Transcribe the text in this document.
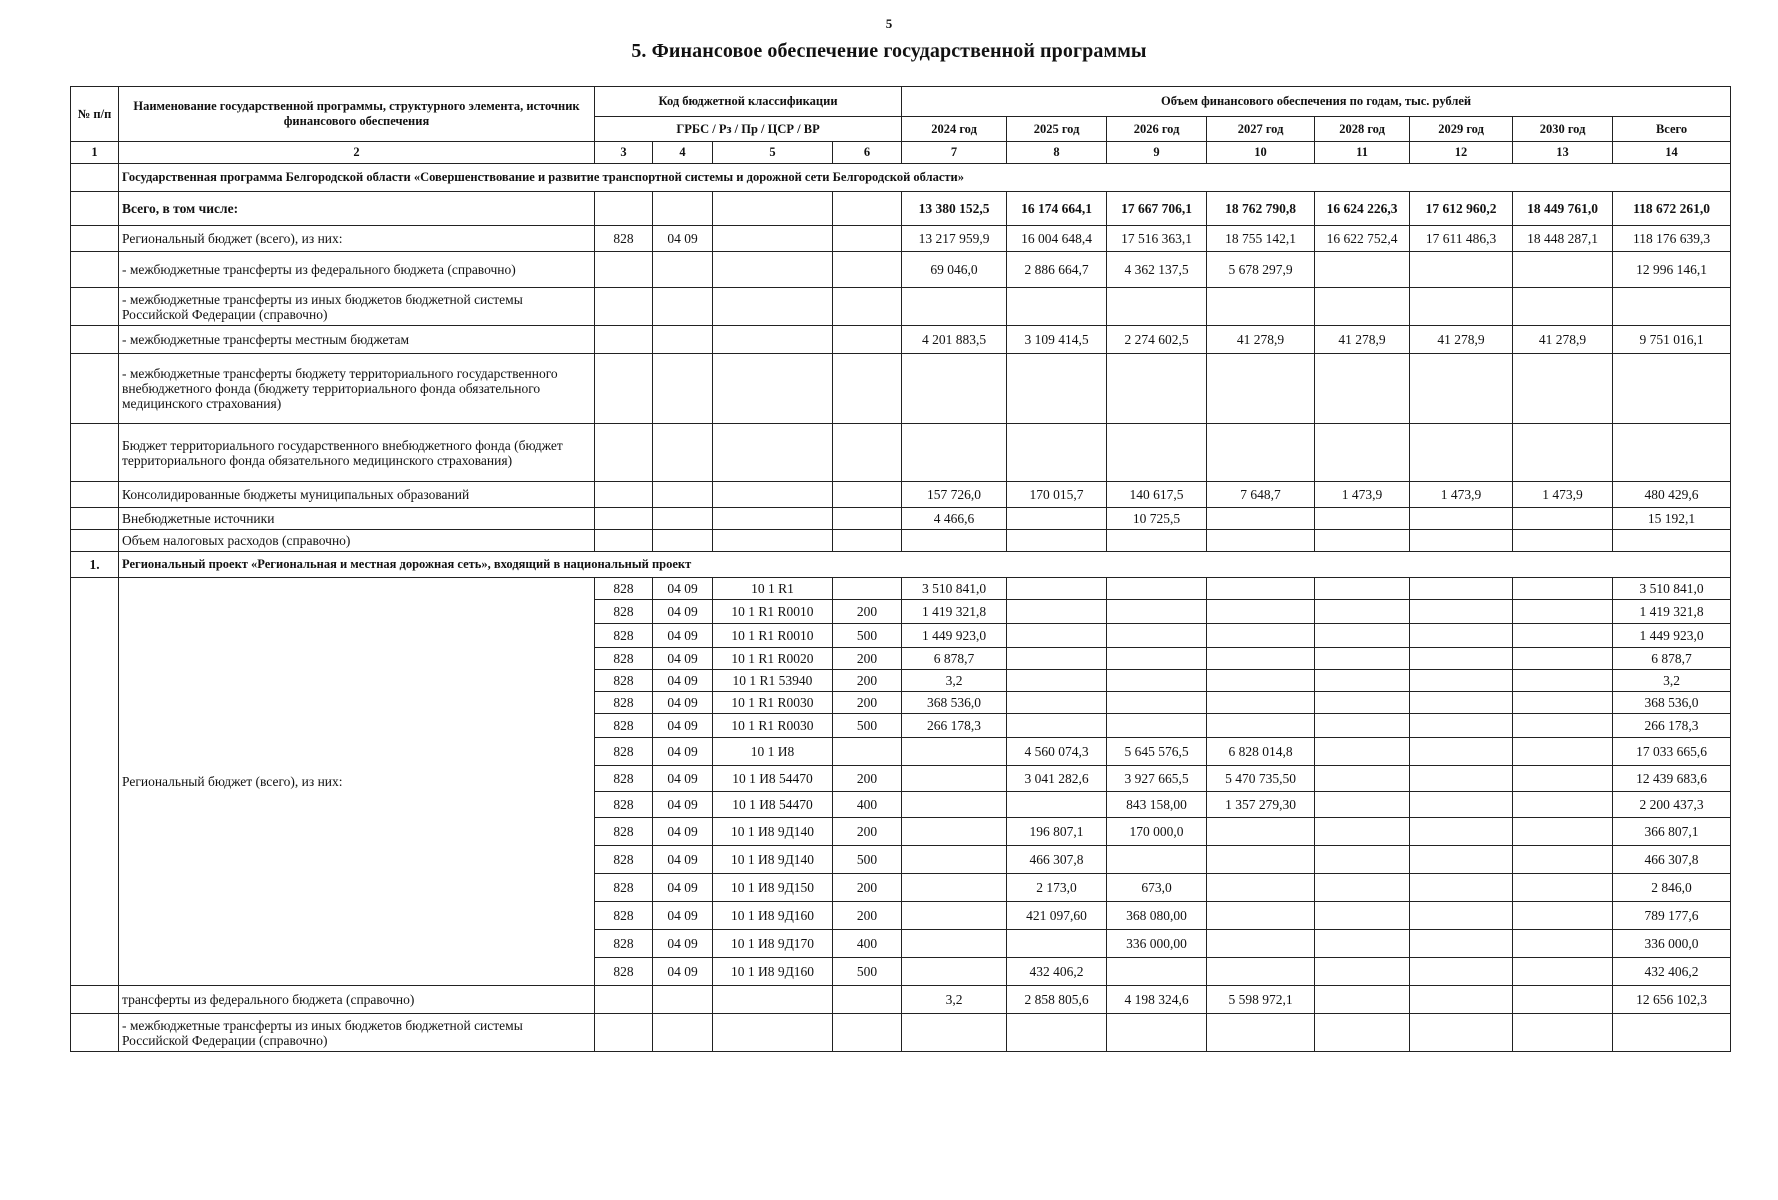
5
5. Финансовое обеспечение государственной программы
№ п/п	Наименование государственной программы, структурного элемента, источник финансового обеспечения	Код бюджетной классификации				Объем финансового обеспечения по годам, тыс. рублей							
		ГРБС / Рз / Пр / ЦСР / ВР				2024 год	2025 год	2026 год	2027 год	2028 год	2029 год	2030 год	Всего
1	2	3	4	5	6	7	8	9	10	11	12	13	14
	Государственная программа Белгородской области «Совершенствование и развитие транспортной системы и дорожной сети Белгородской области»												
	Всего, в том числе:					13 380 152,5	16 174 664,1	17 667 706,1	18 762 790,8	16 624 226,3	17 612 960,2	18 449 761,0	118 672 261,0
	Региональный бюджет (всего), из них:	828	04 09			13 217 959,9	16 004 648,4	17 516 363,1	18 755 142,1	16 622 752,4	17 611 486,3	18 448 287,1	118 176 639,3
	- межбюджетные трансферты из федерального бюджета (справочно)					69 046,0	2 886 664,7	4 362 137,5	5 678 297,9				12 996 146,1
	- межбюджетные трансферты из иных бюджетов бюджетной системы Российской Федерации (справочно)												
	- межбюджетные трансферты местным бюджетам					4 201 883,5	3 109 414,5	2 274 602,5	41 278,9	41 278,9	41 278,9	41 278,9	9 751 016,1
	- межбюджетные трансферты бюджету территориального государственного внебюджетного фонда (бюджету территориального фонда обязательного медицинского страхования)												
	Бюджет территориального государственного внебюджетного фонда (бюджет территориального фонда обязательного медицинского страхования)												
	Консолидированные бюджеты муниципальных образований					157 726,0	170 015,7	140 617,5	7 648,7	1 473,9	1 473,9	1 473,9	480 429,6
	Внебюджетные источники					4 466,6		10 725,5					15 192,1
	Объем налоговых расходов (справочно)												
1.	Региональный проект «Региональная и местная дорожная сеть», входящий в национальный проект												
	Региональный бюджет (всего), из них:	828	04 09	10 1 R1		3 510 841,0							3 510 841,0
		828	04 09	10 1 R1 R0010	200	1 419 321,8							1 419 321,8
		828	04 09	10 1 R1 R0010	500	1 449 923,0							1 449 923,0
		828	04 09	10 1 R1 R0020	200	6 878,7							6 878,7
		828	04 09	10 1 R1 53940	200	3,2							3,2
		828	04 09	10 1 R1 R0030	200	368 536,0							368 536,0
		828	04 09	10 1 R1 R0030	500	266 178,3							266 178,3
		828	04 09	10 1 И8			4 560 074,3	5 645 576,5	6 828 014,8				17 033 665,6
		828	04 09	10 1 И8 54470	200		3 041 282,6	3 927 665,5	5 470 735,50				12 439 683,6
		828	04 09	10 1 И8 54470	400			843 158,00	1 357 279,30				2 200 437,3
		828	04 09	10 1 И8 9Д140	200		196 807,1	170 000,0					366 807,1
		828	04 09	10 1 И8 9Д140	500		466 307,8						466 307,8
		828	04 09	10 1 И8 9Д150	200		2 173,0	673,0					2 846,0
		828	04 09	10 1 И8 9Д160	200		421 097,60	368 080,00					789 177,6
		828	04 09	10 1 И8 9Д170	400			336 000,00					336 000,0
		828	04 09	10 1 И8 9Д160	500		432 406,2						432 406,2
	трансферты из федерального бюджета (справочно)					3,2	2 858 805,6	4 198 324,6	5 598 972,1				12 656 102,3
	- межбюджетные трансферты из иных бюджетов бюджетной системы Российской Федерации (справочно)												
